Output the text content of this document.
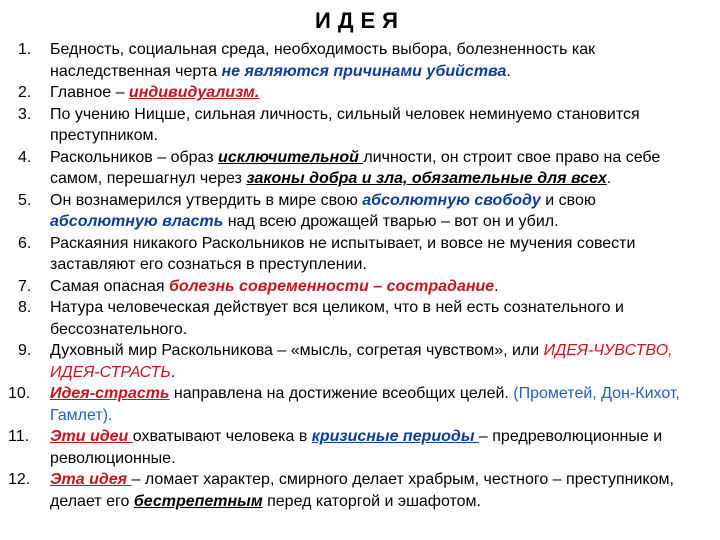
ИДЕЯ
1. Бедность, социальная среда, необходимость выбора, болезненность как наследственная черта не являются причинами убийства.
2. Главное – индивидуализм.
3. По учению Ницше, сильная личность, сильный человек неминуемо становится преступником.
4. Раскольников – образ исключительной личности, он строит свое право на себе самом, перешагнул через законы добра и зла, обязательные для всех.
5. Он вознамерился утвердить в мире свою абсолютную свободу и свою абсолютную власть над всею дрожащей тварью – вот он и убил.
6. Раскаяния никакого Раскольников не испытывает, и вовсе не мучения совести заставляют его сознаться в преступлении.
7. Самая опасная болезнь современности – сострадание.
8. Натура человеческая действует вся целиком, что в ней есть сознательного и бессознательного.
9. Духовный мир Раскольникова – «мысль, согретая чувством», или ИДЕЯ-ЧУВСТВО, ИДЕЯ-СТРАСТЬ.
10. Идея-страсть направлена на достижение всеобщих целей. (Прометей, Дон-Кихот, Гамлет).
11. Эти идеи охватывают человека в кризисные периоды – предреволюционные и революционные.
12. Эта идея – ломает характер, смирного делает храбрым, честного – преступником, делает его бестрепетным перед каторгой и эшафотом.
